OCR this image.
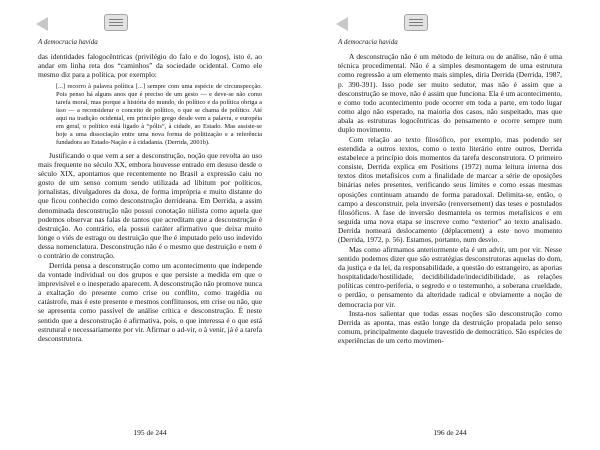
A democracia havida

das identidades falogocêntricas (privilégio do falo e do logos), isto é, ao andar em linha reta dos “caminhos” da sociedade ocidental. Como ele mesmo diz para a política, por exemplo:

[...] recorro à palavra política [...] sempre com uma espécie de circunspecção. Pois penso há alguns anos que é preciso de um gesto — e deve-se não como tarefa moral, mas porque a história do mundo, do político e da política obriga a isso — a reconsiderar o conceito de político, o que se chama de político. Até aqui na tradição ocidental, em princípio grego desde vem a palavra, e européia em geral, o político está ligado à “pólis”, à cidade, ao Estado. Mas assiste-se hoje a uma dissociação entre uma nova forma de politização e a referência fundadora ao Estado-Nação e à cidadania. (Derrida, 2001b).

Justificando o que vem a ser a desconstrução, noção que revolta ao uso mais frequente no século XX, embora houvesse entrado em desuso desde o século XIX, apontamos que recentemente no Brasil a expressão caiu no gosto de um senso comum sendo utilizada ad libitum por políticos, jornalistas, divulgadores da doxa, de forma imprópria e muito distante do que ficou conhecido como desconstrução derrideana. Em Derrida, a assim denominada desconstrução não possui conotação niilista como aquela que podemos observar nas falas de tantos que acreditam que a desconstrução é destruição. Ao contrário, ela possui caráter afirmativo que deixa muito longe o viés de estrago ou destruição que lhe é imputado pelo uso indevido dessa nomenclatura. Desconstrução não é o mesmo que destruição e nem é o contrário de construção.

Derrida pensa a desconstrução como um acontecimento que independe da vontade individual ou dos grupos e que persiste a medida em que o imprevisível e o inesperado aparecem. A desconstrução não promove nunca a exaltação do presente como crise ou conflito, como tragédia ou catástrofe, mas é este presente e mesmos conflituosos, em crise ou não, que se apresenta como passível de análise crítica e desconstrução. É neste sentido que a desconstrução é afirmativa, pois, o que interessa é o que está estrutural e necessariamente por vir. Afirmar o ad-vir, o à venir, já é a tarefa desconstrutora.

195 de 244
A democracia havida

A desconstrução não é um método de leitura ou de análise, não é uma técnica procedimental. Não é a simples desmontagem de uma estrutura como regressão a um elemento mais simples, diria Derrida (Derrida, 1987, p. 390-391). Isso pode ser muito sedutor, mas não é assim que a desconstrução se move, não é assim que funciona. Ela é um acontecimento, e como todo acontecimento pode ocorrer em toda a parte, em todo lugar como algo não esperado, na maioria dos casos, não suspeitado, mas que abala as estruturas logocêntricas do pensamento e ocorre sempre num duplo movimento.

Com relação ao texto filosófico, por exemplo, mas podendo ser estendida a outros textos, como o texto literário entre outros, Derrida estabelece a princípio dois momentos da tarefa desconstrutora. O primeiro consiste, Derrida explica em Positions (1972) numa leitura interna dos textos ditos metafísicos com a finalidade de marcar a série de oposições binárias neles presentes, verificando seus limites e como essas mesmas oposições continuam atuando de forma paradoxal. Delimita-se, então, o campo a desconstruir, pela inversão (renversement) das teses e postulados filosóficos. A fase de inversão desmantela os termos metafísicos e em seguida uma nova etapa se inscreve como “exterior” ao texto analisado. Derrida nomeará deslocamento (déplacement) a este novo momento (Derrida, 1972, p. 56). Estamos, portanto, num desvio.

Mas como afirmamos anteriormente ela é um advir, um por vir. Nesse sentido podemos dizer que são estratégias desconstrutoras aquelas do dom, da justiça e da lei, da responsabilidade, a questão do estrangeiro, as aporias hospitalidade/hostilidade, decidibilidade/indecidibilidade, as relações políticas centro-periferia, o segredo e o testemunho, a soberana crueldade, o perdão, o pensamento da alteridade radical e obviamente a noção de democracia por vir.

Insta-nos salientar que todas essas noções são desconstrução como Derrida as aponta, mas estão longe da destruição propalada pelo senso comum, principalmente daquele travestido de democrático. São espécies de experiências de um certo movimen-

196 de 244
